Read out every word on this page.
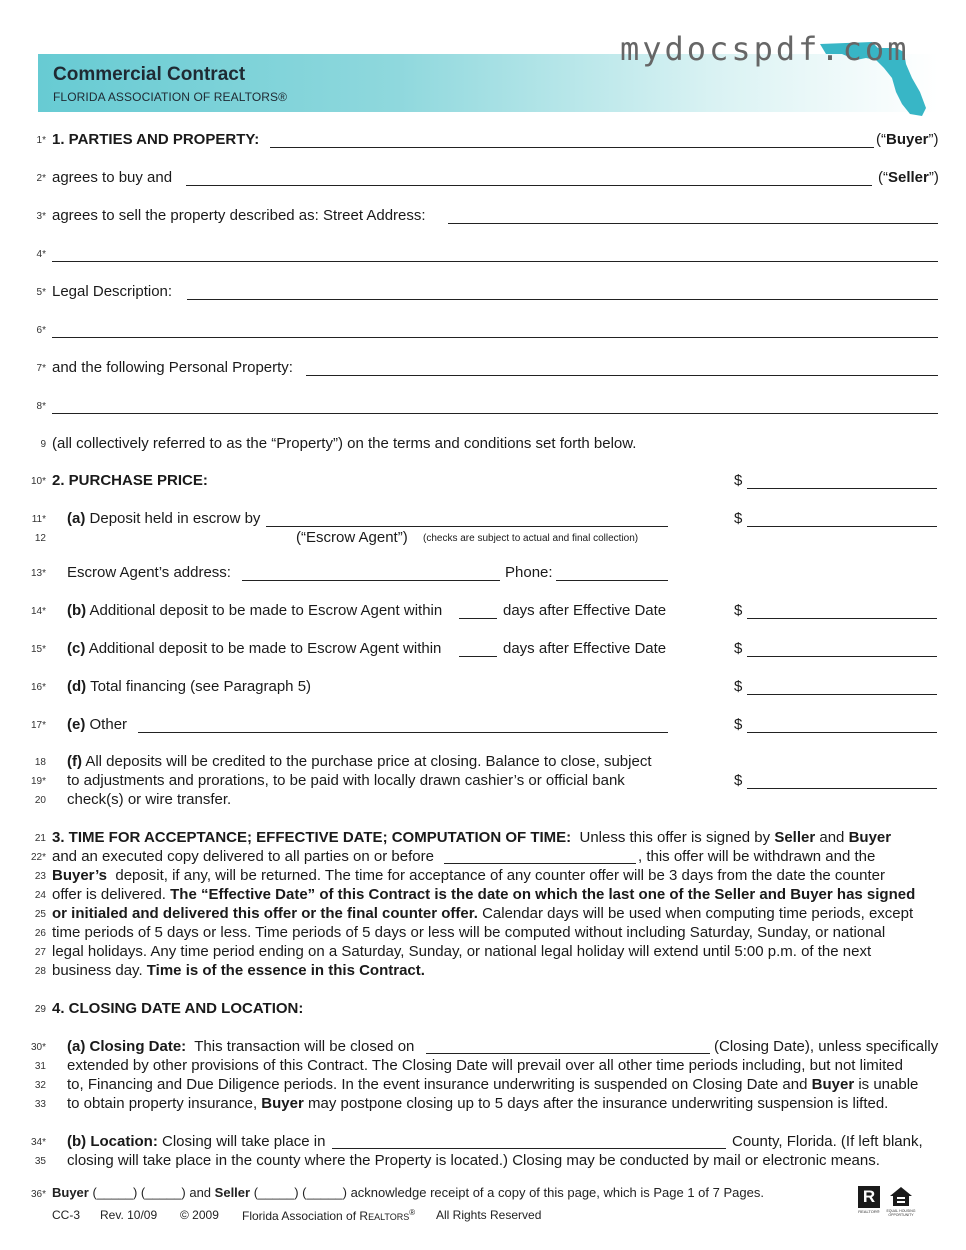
Commercial Contract
FLORIDA ASSOCIATION OF REALTORS®
mydocspdf.com
1* 1. PARTIES AND PROPERTY:	(“Buyer”)
2* agrees to buy and	(“Seller”)
3* agrees to sell the property described as: Street Address:
4*
5* Legal Description:
6*
7* and the following Personal Property:
8*
9 (all collectively referred to as the “Property”) on the terms and conditions set forth below.
10* 2. PURCHASE PRICE:	$
11* (a) Deposit held in escrow by	$
12	(“Escrow Agent”) (checks are subject to actual and final collection)
13* Escrow Agent’s address:	Phone:
14* (b) Additional deposit to be made to Escrow Agent within	days after Effective Date	$
15* (c) Additional deposit to be made to Escrow Agent within	days after Effective Date	$
16* (d) Total financing (see Paragraph 5)	$
17* (e) Other	$
18 (f) All deposits will be credited to the purchase price at closing. Balance to close, subject
19* to adjustments and prorations, to be paid with locally drawn cashier’s or official bank	$
20 check(s) or wire transfer.
21 3. TIME FOR ACCEPTANCE; EFFECTIVE DATE; COMPUTATION OF TIME: Unless this offer is signed by Seller and Buyer
22* and an executed copy delivered to all parties on or before	, this offer will be withdrawn and the
23 Buyer’s deposit, if any, will be returned. The time for acceptance of any counter offer will be 3 days from the date the counter
24 offer is delivered. The “Effective Date” of this Contract is the date on which the last one of the Seller and Buyer has signed
25 or initialed and delivered this offer or the final counter offer. Calendar days will be used when computing time periods, except
26 time periods of 5 days or less. Time periods of 5 days or less will be computed without including Saturday, Sunday, or national
27 legal holidays. Any time period ending on a Saturday, Sunday, or national legal holiday will extend until 5:00 p.m. of the next
28 business day. Time is of the essence in this Contract.
29 4. CLOSING DATE AND LOCATION:
30* (a) Closing Date: This transaction will be closed on	(Closing Date), unless specifically
31 extended by other provisions of this Contract. The Closing Date will prevail over all other time periods including, but not limited
32 to, Financing and Due Diligence periods. In the event insurance underwriting is suspended on Closing Date and Buyer is unable
33 to obtain property insurance, Buyer may postpone closing up to 5 days after the insurance underwriting suspension is lifted.
34* (b) Location: Closing will take place in	County, Florida. (If left blank,
35 closing will take place in the county where the Property is located.) Closing may be conducted by mail or electronic means.
36* Buyer (_____) (_____) and Seller (_____) (_____) acknowledge receipt of a copy of this page, which is Page 1 of 7 Pages.
CC-3 Rev. 10/09 © 2009 Florida Association of REALTORS® All Rights Reserved
R
REALTOR®	EQUAL HOUSING OPPORTUNITY
